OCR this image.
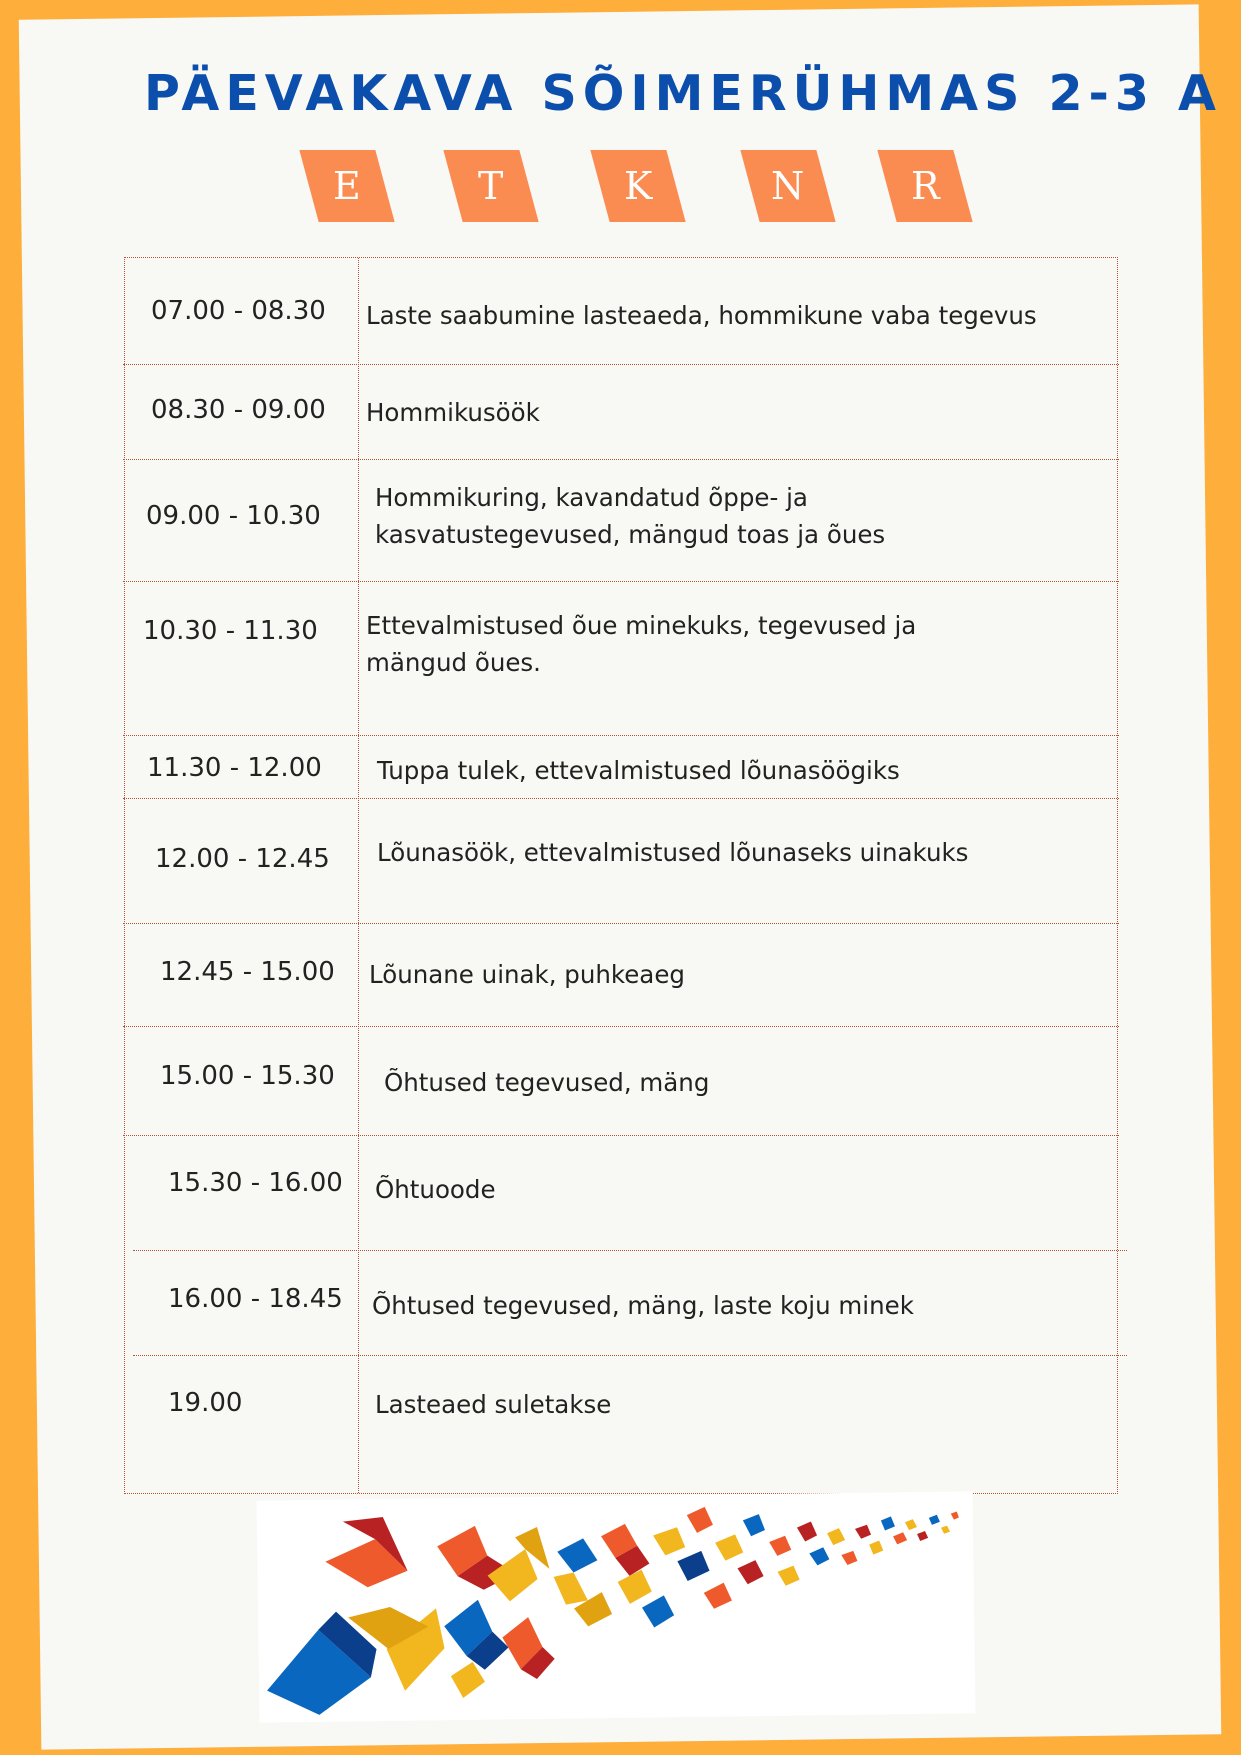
PÄEVAKAVA SÕIMERÜHMAS 2-3 A
E	T	K	N	R
07.00 - 08.30 Laste saabumine lasteaeda, hommikune vaba tegevus
08.30 - 09.00 Hommikusöök
09.00 - 10.30
Hommikuring, kavandatud õppe- ja
kasvatustegevused, mängud toas ja õues
10.30 - 11.30 Ettevalmistused õue minekuks, tegevused ja
mängud õues.
11.30 - 12.00 Tuppa tulek, ettevalmistused lõunasöögiks
12.00 - 12.45 Lõunasöök, ettevalmistused lõunaseks uinakuks
12.45 - 15.00 Lõunane uinak, puhkeaeg
15.00 - 15.30 Õhtused tegevused, mäng
15.30 - 16.00 Õhtuoode
16.00 - 18.45 Õhtused tegevused, mäng, laste koju minek
19.00	Lasteaed suletakse
